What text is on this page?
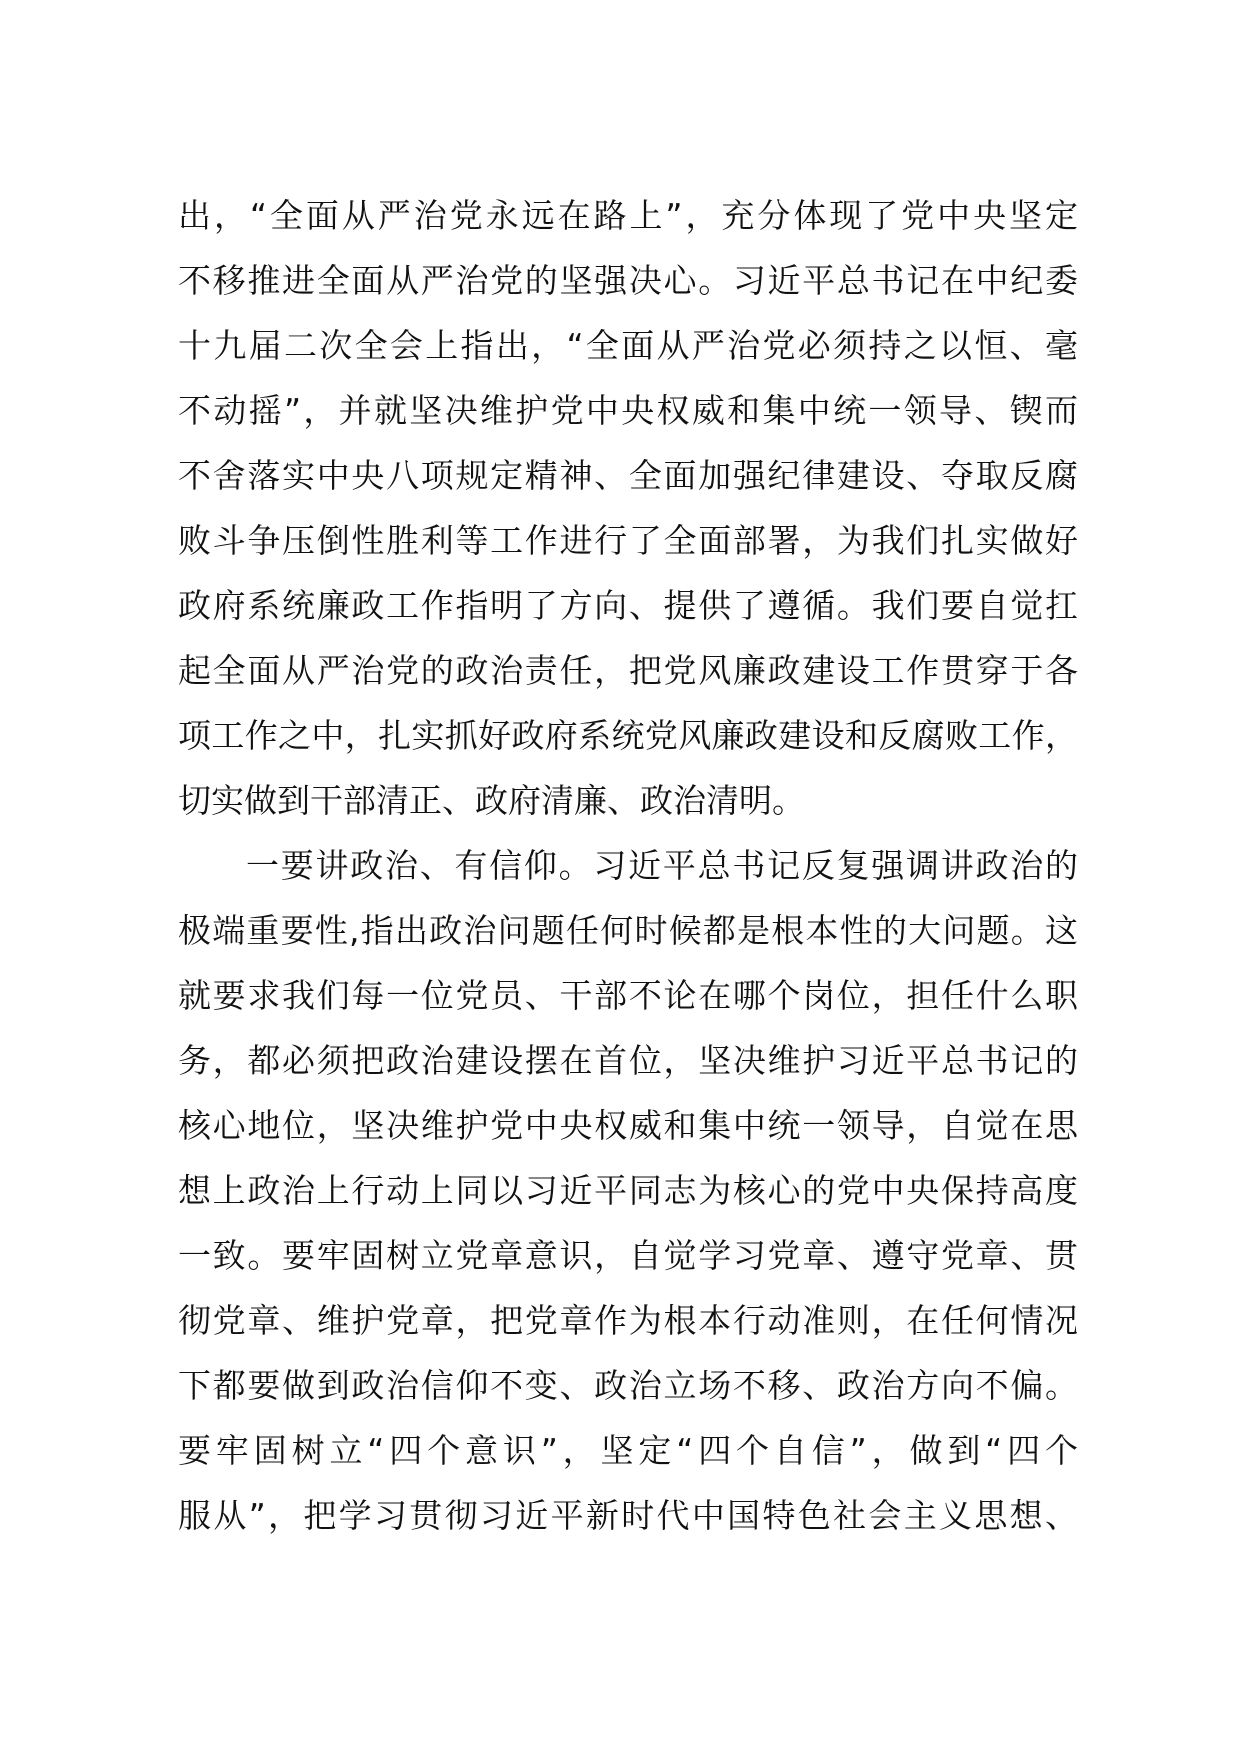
出，“全面从严治党永远在路上”，充分体现了党中央坚定
不移推进全面从严治党的坚强决心。习近平总书记在中纪委
十九届二次全会上指出，“全面从严治党必须持之以恒、毫
不动摇”，并就坚决维护党中央权威和集中统一领导、锲而
不舍落实中央八项规定精神、全面加强纪律建设、夺取反腐
败斗争压倒性胜利等工作进行了全面部署，为我们扎实做好
政府系统廉政工作指明了方向、提供了遵循。我们要自觉扛
起全面从严治党的政治责任，把党风廉政建设工作贯穿于各
项工作之中，扎实抓好政府系统党风廉政建设和反腐败工作，
切实做到干部清正、政府清廉、政治清明。
一要讲政治、有信仰。习近平总书记反复强调讲政治的
极端重要性,指出政治问题任何时候都是根本性的大问题。这
就要求我们每一位党员、干部不论在哪个岗位，担任什么职
务，都必须把政治建设摆在首位，坚决维护习近平总书记的
核心地位，坚决维护党中央权威和集中统一领导，自觉在思
想上政治上行动上同以习近平同志为核心的党中央保持高度
一致。要牢固树立党章意识，自觉学习党章、遵守党章、贯
彻党章、维护党章，把党章作为根本行动准则，在任何情况
下都要做到政治信仰不变、政治立场不移、政治方向不偏。
要牢固树立“四个意识”，坚定“四个自信”，做到“四个
服从”，把学习贯彻习近平新时代中国特色社会主义思想、
